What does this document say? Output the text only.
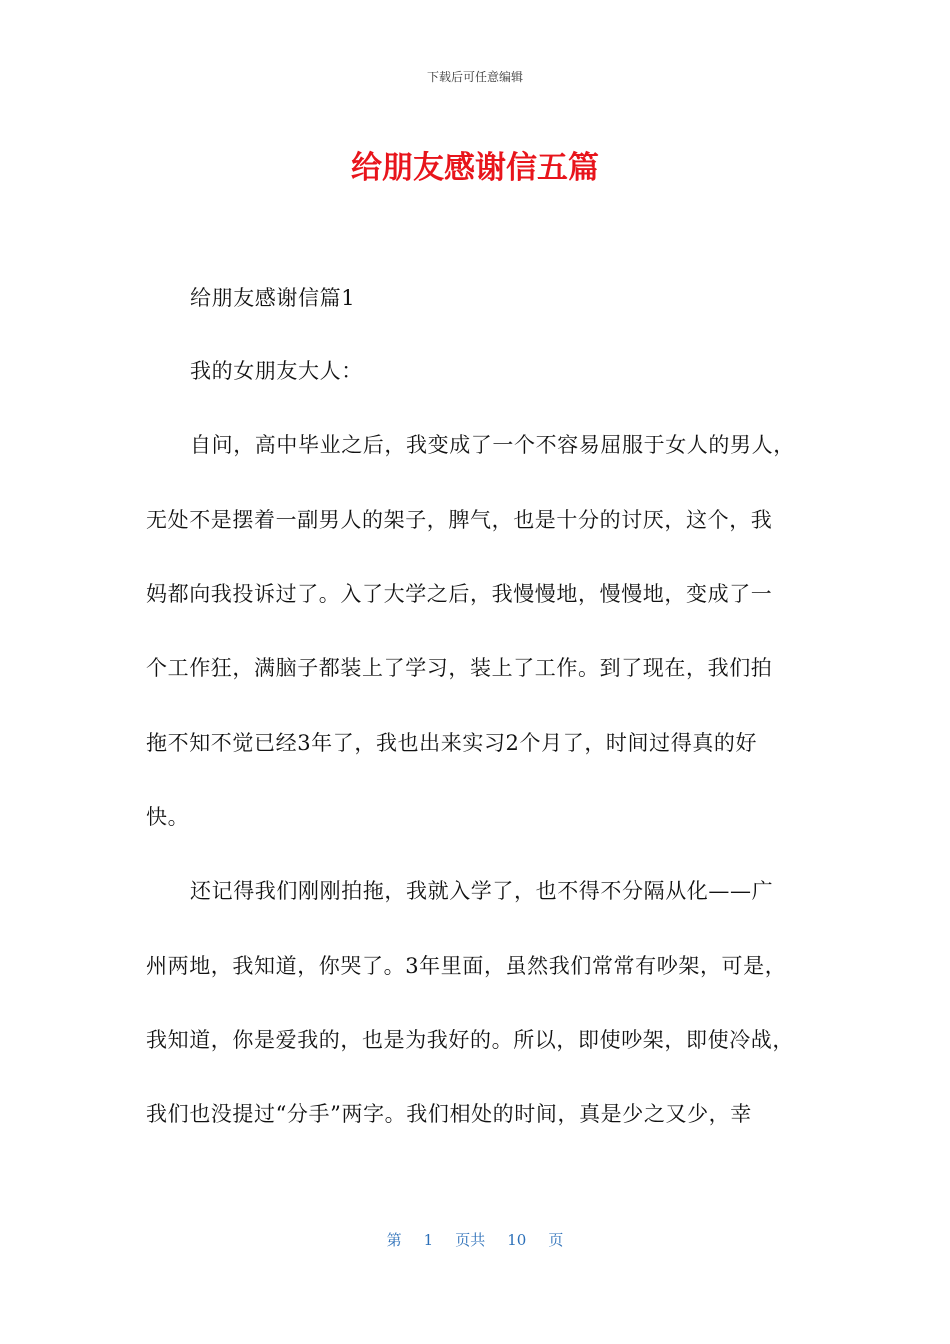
下载后可任意编辑
给朋友感谢信五篇
给朋友感谢信篇1
我的女朋友大人：
自问，高中毕业之后，我变成了一个不容易屈服于女人的男人，
无处不是摆着一副男人的架子，脾气，也是十分的讨厌，这个，我
妈都向我投诉过了。入了大学之后，我慢慢地，慢慢地，变成了一
个工作狂，满脑子都装上了学习，装上了工作。到了现在，我们拍
拖不知不觉已经3年了，我也出来实习2个月了，时间过得真的好
快。
还记得我们刚刚拍拖，我就入学了，也不得不分隔从化——广
州两地，我知道，你哭了。3年里面，虽然我们常常有吵架，可是，
我知道，你是爱我的，也是为我好的。所以，即使吵架，即使冷战，
我们也没提过“分手”两字。我们相处的时间，真是少之又少，幸
第 1 页共 10 页
